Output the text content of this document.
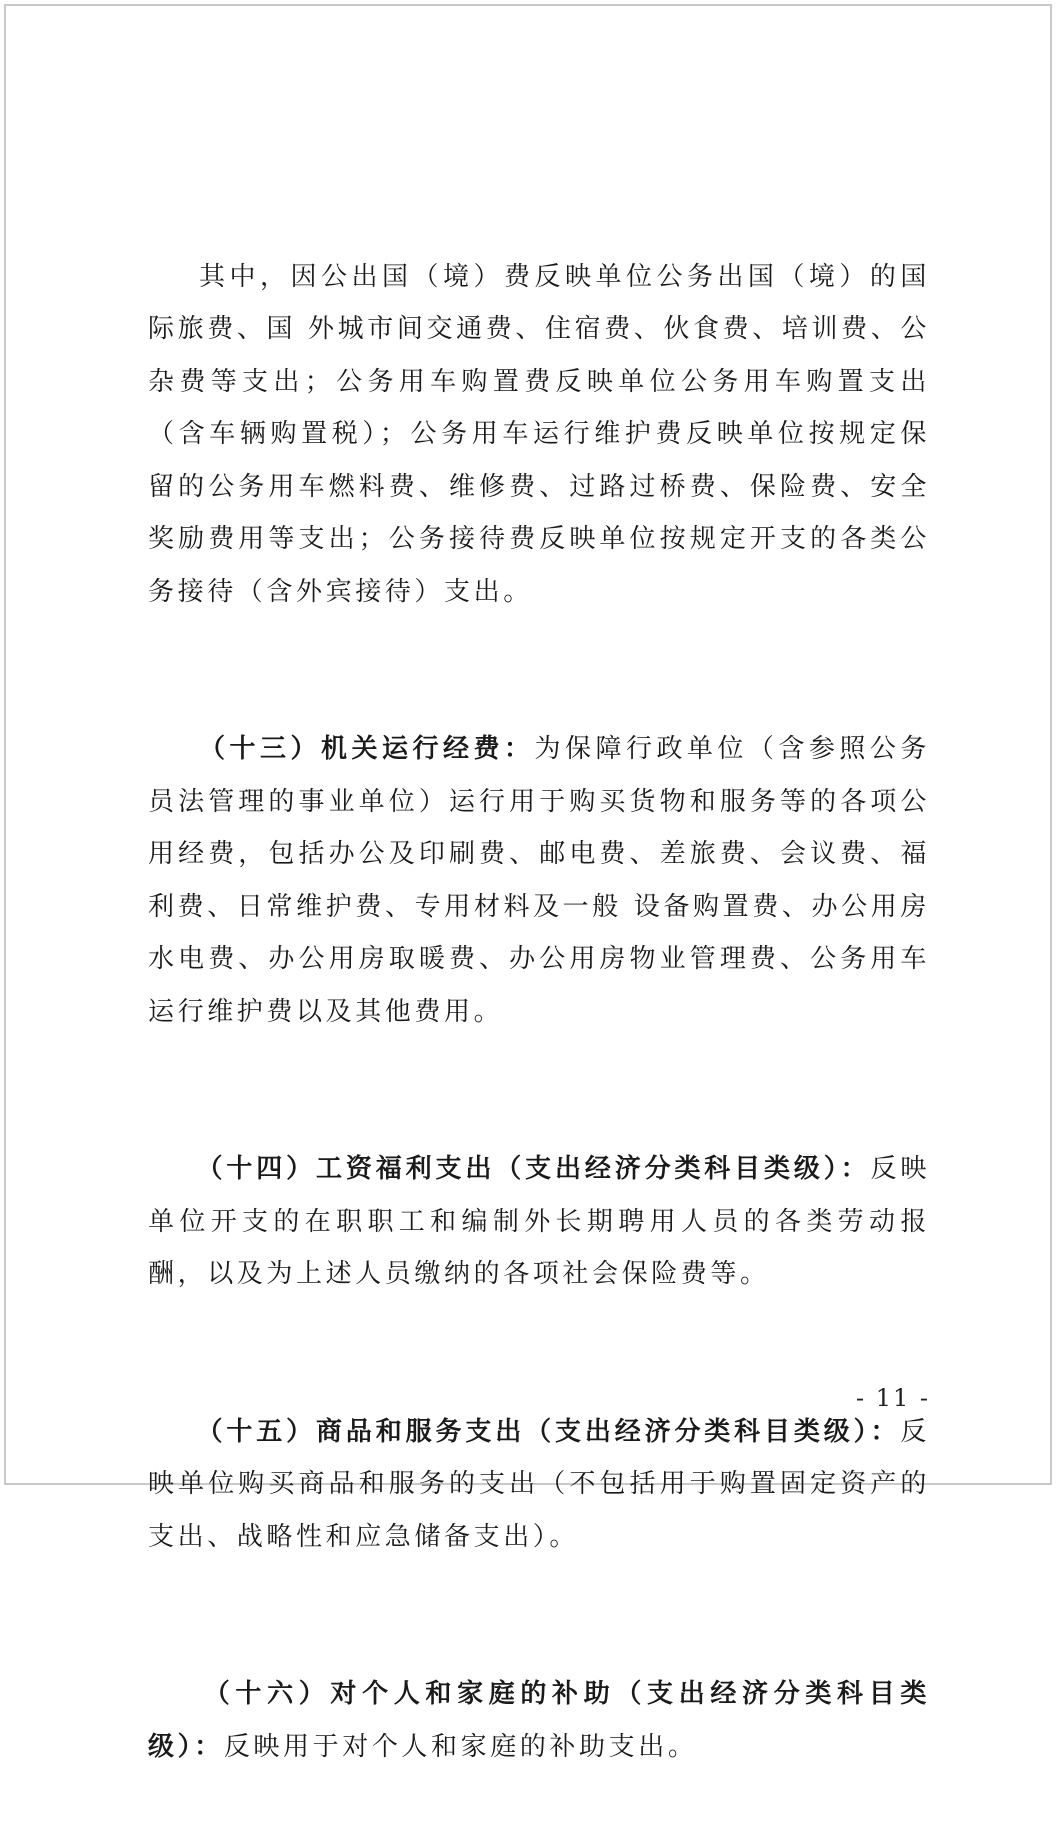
其中，因公出国（境）费反映单位公务出国（境）的国际旅费、国 外城市间交通费、住宿费、伙食费、培训费、公杂费等支出；公务用车购置费反映单位公务用车购置支出（含车辆购置税）；公务用车运行维护费反映单位按规定保 留的公务用车燃料费、维修费、过路过桥费、保险费、安全奖励费用等支出；公务接待费反映单位按规定开支的各类公务接待（含外宾接待）支出。

（十三）机关运行经费：为保障行政单位（含参照公务员法管理的事业单位）运行用于购买货物和服务等的各项公用经费，包括办公及印刷费、邮电费、差旅费、会议费、福利费、日常维护费、专用材料及一般 设备购置费、办公用房水电费、办公用房取暖费、办公用房物业管理费、公务用车运行维护费以及其他费用。

（十四）工资福利支出（支出经济分类科目类级）：反映单位开支的在职职工和编制外长期聘用人员的各类劳动报酬，以及为上述人员缴纳的各项社会保险费等。

（十五）商品和服务支出（支出经济分类科目类级）：反映单位购买商品和服务的支出（不包括用于购置固定资产的支出、战略性和应急储备支出）。

（十六）对个人和家庭的补助（支出经济分类科目类级）：反映用于对个人和家庭的补助支出。

- 11 -
